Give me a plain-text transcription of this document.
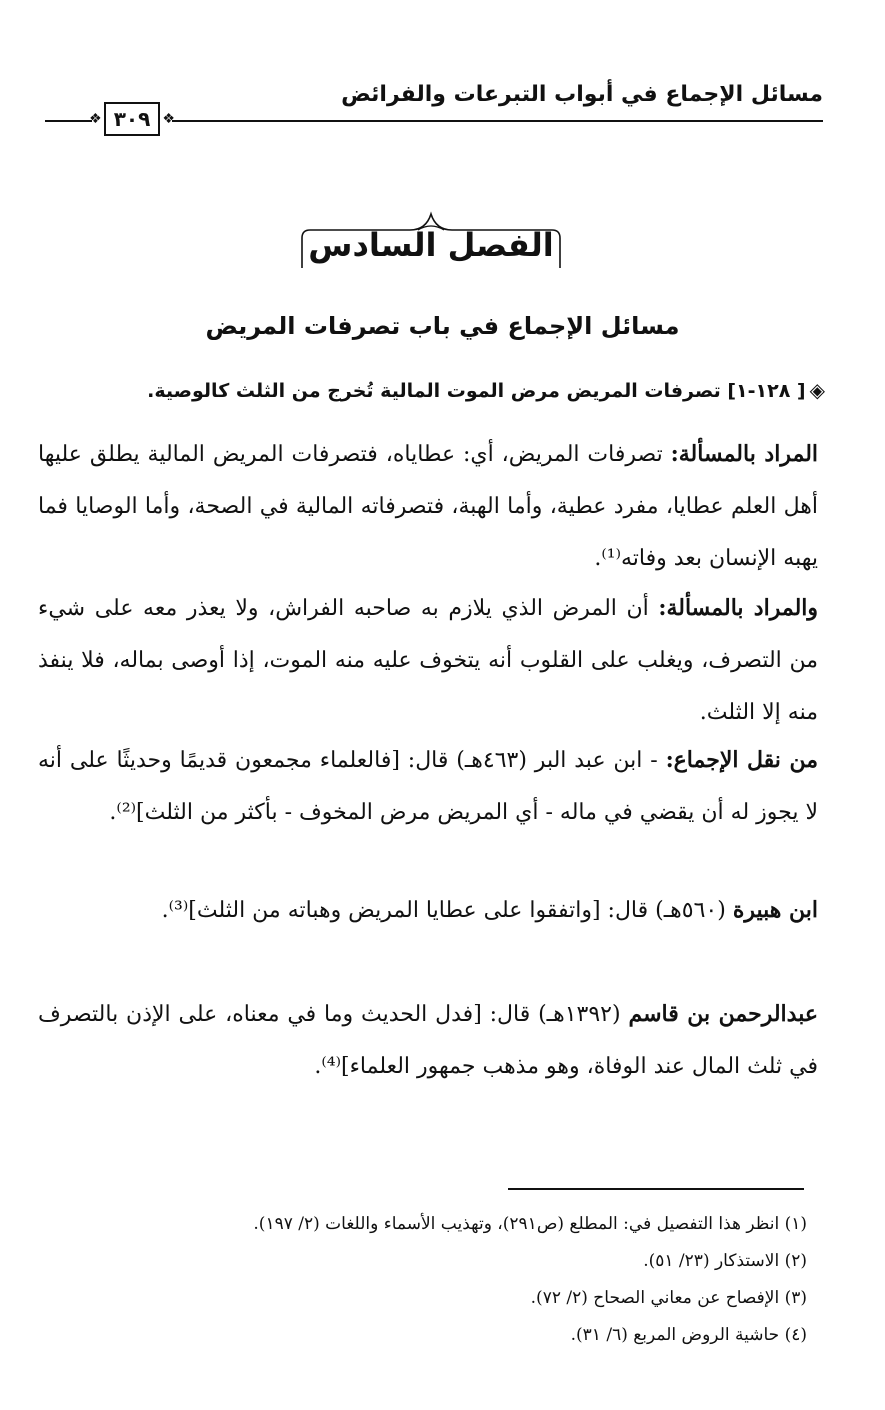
مسائل الإجماع في أبواب التبرعات والفرائض
❖ ٣٠٩ ❖
الفصل السادس
مسائل الإجماع في باب تصرفات المريض
◈[ ١٢٨-١] تصرفات المريض مرض الموت المالية تُخرج من الثلث كالوصية.
المراد بالمسألة: تصرفات المريض، أي: عطاياه، فتصرفات المريض المالية يطلق عليها أهل العلم عطايا، مفرد عطية، وأما الهبة، فتصرفاته المالية في الصحة، وأما الوصايا فما يهبه الإنسان بعد وفاته⁽¹⁾.
والمراد بالمسألة: أن المرض الذي يلازم به صاحبه الفراش، ولا يعذر معه على شيء من التصرف، ويغلب على القلوب أنه يتخوف عليه منه الموت، إذا أوصى بماله، فلا ينفذ منه إلا الثلث.
من نقل الإجماع: - ابن عبد البر (٤٦٣هـ) قال: [فالعلماء مجمعون قديمًا وحديثًا على أنه لا يجوز له أن يقضي في ماله - أي المريض مرض المخوف - بأكثر من الثلث]⁽²⁾.
ابن هبيرة (٥٦٠هـ) قال: [واتفقوا على عطايا المريض وهباته من الثلث]⁽³⁾.
عبدالرحمن بن قاسم (١٣٩٢هـ) قال: [فدل الحديث وما في معناه، على الإذن بالتصرف في ثلث المال عند الوفاة، وهو مذهب جمهور العلماء]⁽⁴⁾.
(١) انظر هذا التفصيل في: المطلع (ص٢٩١)، وتهذيب الأسماء واللغات (٢/ ١٩٧).
(٢) الاستذكار (٢٣/ ٥١).
(٣) الإفصاح عن معاني الصحاح (٢/ ٧٢).
(٤) حاشية الروض المربع (٦/ ٣١).
